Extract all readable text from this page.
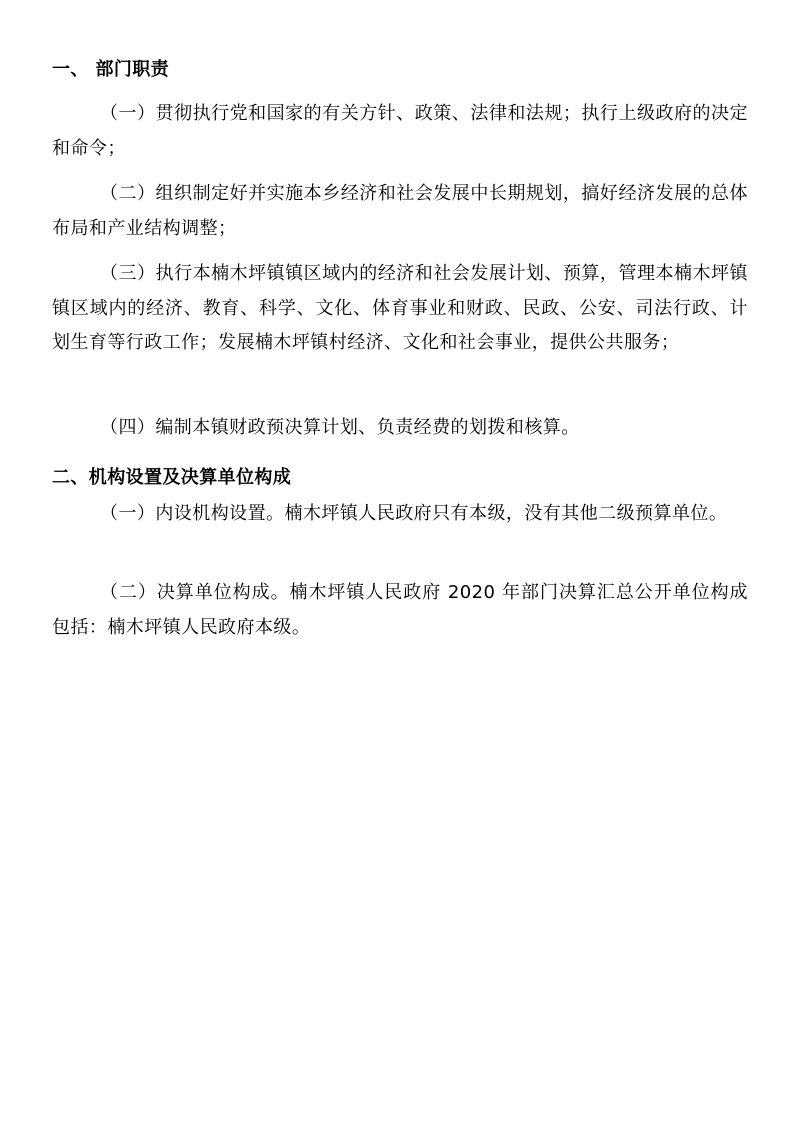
一、 部门职责

（一）贯彻执行党和国家的有关方针、政策、法律和法规；执行上级政府的决定和命令；

（二）组织制定好并实施本乡经济和社会发展中长期规划，搞好经济发展的总体布局和产业结构调整；

（三）执行本楠木坪镇镇区域内的经济和社会发展计划、预算，管理本楠木坪镇镇区域内的经济、教育、科学、文化、体育事业和财政、民政、公安、司法行政、计划生育等行政工作；发展楠木坪镇村经济、文化和社会事业，提供公共服务；

（四）编制本镇财政预决算计划、负责经费的划拨和核算。

二、机构设置及决算单位构成

（一）内设机构设置。楠木坪镇人民政府只有本级，没有其他二级预算单位。

（二）决算单位构成。楠木坪镇人民政府 2020 年部门决算汇总公开单位构成包括：楠木坪镇人民政府本级。
